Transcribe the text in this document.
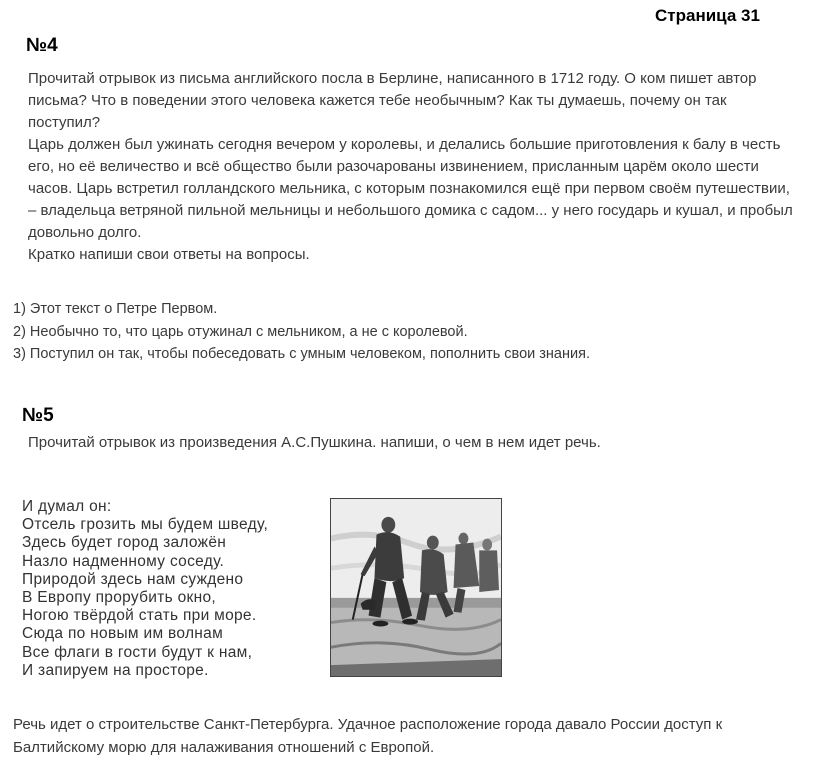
Страница 31
№4

Прочитай отрывок из письма английского посла в Берлине, написанного в 1712 году. О ком пишет автор письма? Что в поведении этого человека кажется тебе необычным? Как ты думаешь, почему он так поступил?

Царь должен был ужинать сегодня вечером у королевы, и делались большие приготовления к балу в честь его, но её величество и всё общество были разочарованы извинением, присланным царём около шести часов. Царь встретил голландского мельника, с которым познакомился ещё при первом своём путешествии, – владельца ветряной пильной мельницы и небольшого домика с садом... у него государь и кушал, и пробыл довольно долго.

Кратко напиши свои ответы на вопросы.

1) Этот текст о Петре Первом.
2) Необычно то, что царь отужинал с мельником, а не с королевой.
3) Поступил он так, чтобы побеседовать с умным человеком, пополнить свои знания.
№5
Прочитай отрывок из произведения А.С.Пушкина. напиши, о чем в нем идет речь.
И думал он:
Отсель грозить мы будем шведу,
Здесь будет город заложён
Назло надменному соседу.
Природой здесь нам суждено
В Европу прорубить окно,
Ногою твёрдой стать при море.
Сюда по новым им волнам
Все флаги в гости будут к нам,
И запируем на просторе.
Речь идет о строительстве Санкт-Петербурга. Удачное расположение города давало России доступ к Балтийскому морю для налаживания отношений с Европой.
